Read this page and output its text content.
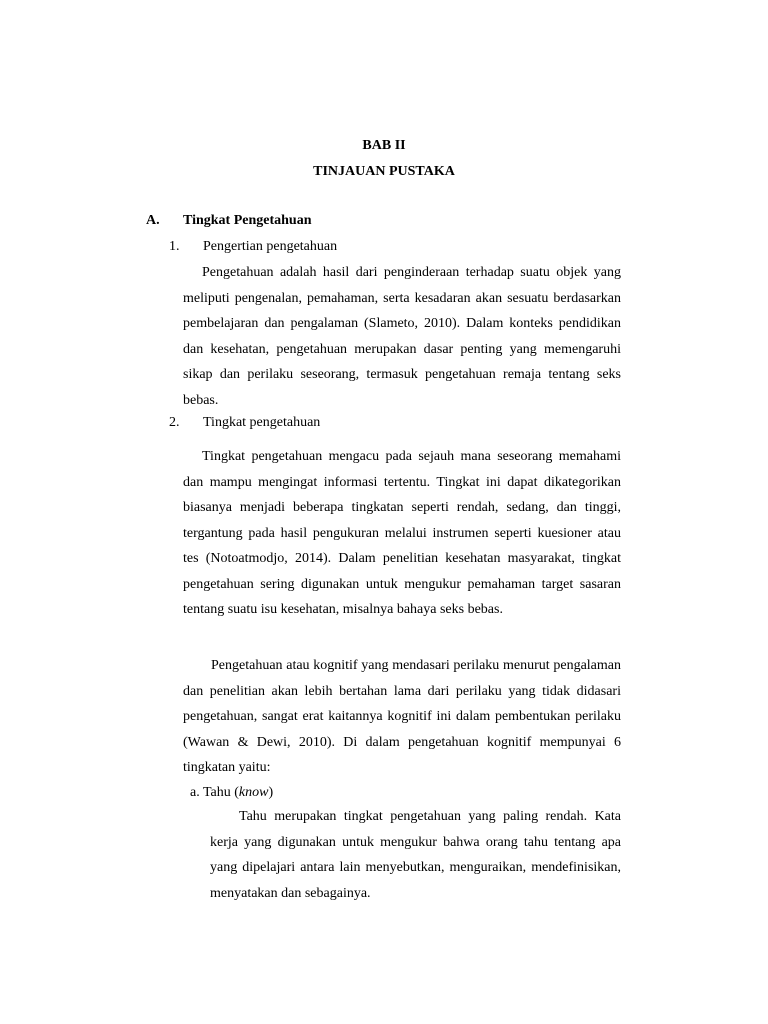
BAB II
TINJAUAN PUSTAKA
A. Tingkat Pengetahuan
1. Pengertian pengetahuan

Pengetahuan adalah hasil dari penginderaan terhadap suatu objek yang meliputi pengenalan, pemahaman, serta kesadaran akan sesuatu berdasarkan pembelajaran dan pengalaman (Slameto, 2010). Dalam konteks pendidikan dan kesehatan, pengetahuan merupakan dasar penting yang memengaruhi sikap dan perilaku seseorang, termasuk pengetahuan remaja tentang seks bebas.

2. Tingkat pengetahuan

Tingkat pengetahuan mengacu pada sejauh mana seseorang memahami dan mampu mengingat informasi tertentu. Tingkat ini dapat dikategorikan biasanya menjadi beberapa tingkatan seperti rendah, sedang, dan tinggi, tergantung pada hasil pengukuran melalui instrumen seperti kuesioner atau tes (Notoatmodjo, 2014). Dalam penelitian kesehatan masyarakat, tingkat pengetahuan sering digunakan untuk mengukur pemahaman target sasaran tentang suatu isu kesehatan, misalnya bahaya seks bebas.

Pengetahuan atau kognitif yang mendasari perilaku menurut pengalaman dan penelitian akan lebih bertahan lama dari perilaku yang tidak didasari pengetahuan, sangat erat kaitannya kognitif ini dalam pembentukan perilaku (Wawan & Dewi, 2010). Di dalam pengetahuan kognitif mempunyai 6 tingkatan yaitu:

a. Tahu (know)

Tahu merupakan tingkat pengetahuan yang paling rendah. Kata kerja yang digunakan untuk mengukur bahwa orang tahu tentang apa yang dipelajari antara lain menyebutkan, menguraikan, mendefinisikan, menyatakan dan sebagainya.
